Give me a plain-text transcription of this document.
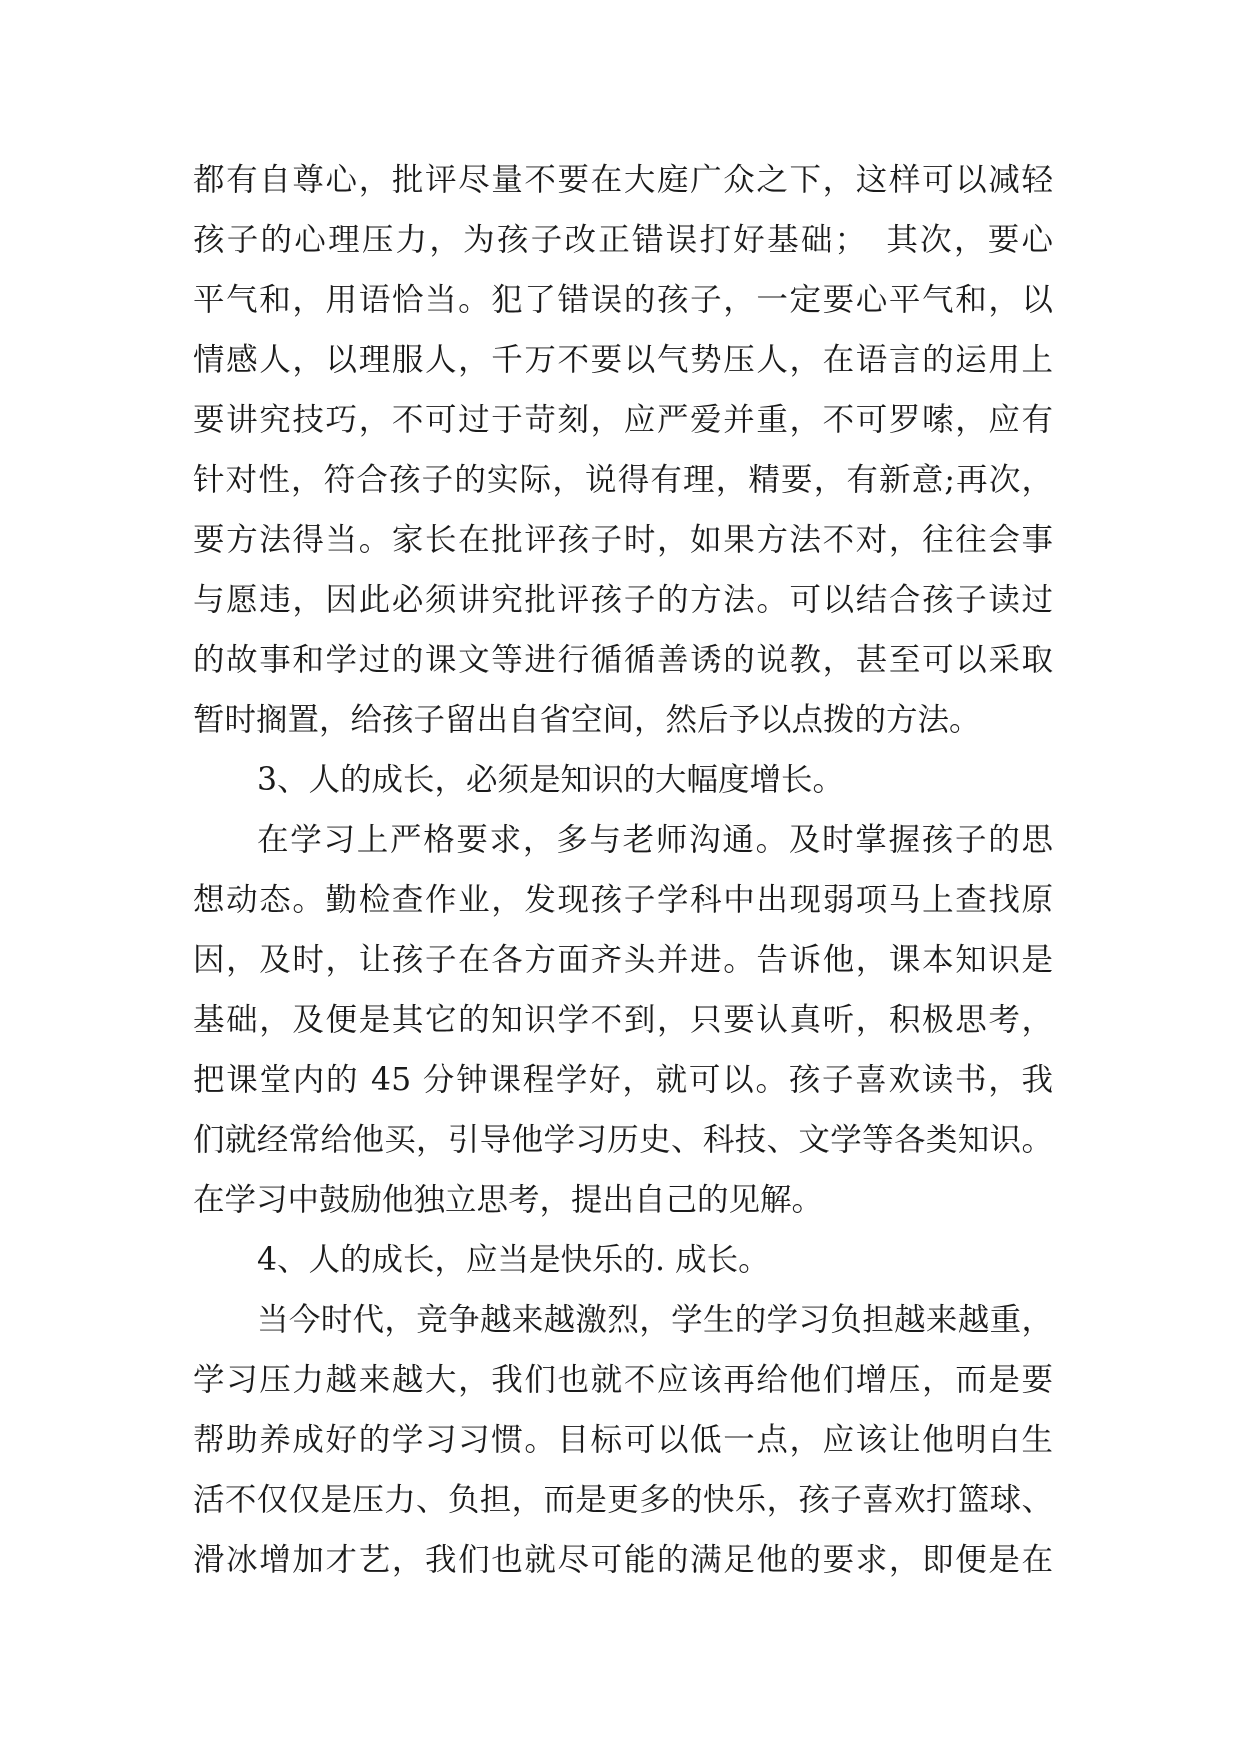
都有自尊心，批评尽量不要在大庭广众之下，这样可以减轻

孩子的心理压力，为孩子改正错误打好基础；　其次，要心

平气和，用语恰当。犯了错误的孩子，一定要心平气和，以

情感人，以理服人，千万不要以气势压人，在语言的运用上

要讲究技巧，不可过于苛刻，应严爱并重，不可罗嗦，应有

针对性，符合孩子的实际，说得有理，精要，有新意;再次，

要方法得当。家长在批评孩子时，如果方法不对，往往会事

与愿违，因此必须讲究批评孩子的方法。可以结合孩子读过

的故事和学过的课文等进行循循善诱的说教，甚至可以采取

暂时搁置，给孩子留出自省空间，然后予以点拨的方法。

3、人的成长，必须是知识的大幅度增长。

在学习上严格要求，多与老师沟通。及时掌握孩子的思

想动态。勤检查作业，发现孩子学科中出现弱项马上查找原

因，及时，让孩子在各方面齐头并进。告诉他，课本知识是

基础，及便是其它的知识学不到，只要认真听，积极思考，

把课堂内的 45 分钟课程学好，就可以。孩子喜欢读书，我

们就经常给他买，引导他学习历史、科技、文学等各类知识。

在学习中鼓励他独立思考，提出自己的见解。

4、人的成长，应当是快乐的. 成长。

当今时代，竞争越来越激烈，学生的学习负担越来越重，

学习压力越来越大，我们也就不应该再给他们增压，而是要

帮助养成好的学习习惯。目标可以低一点，应该让他明白生

活不仅仅是压力、负担，而是更多的快乐，孩子喜欢打篮球、

滑冰增加才艺，我们也就尽可能的满足他的要求，即便是在
